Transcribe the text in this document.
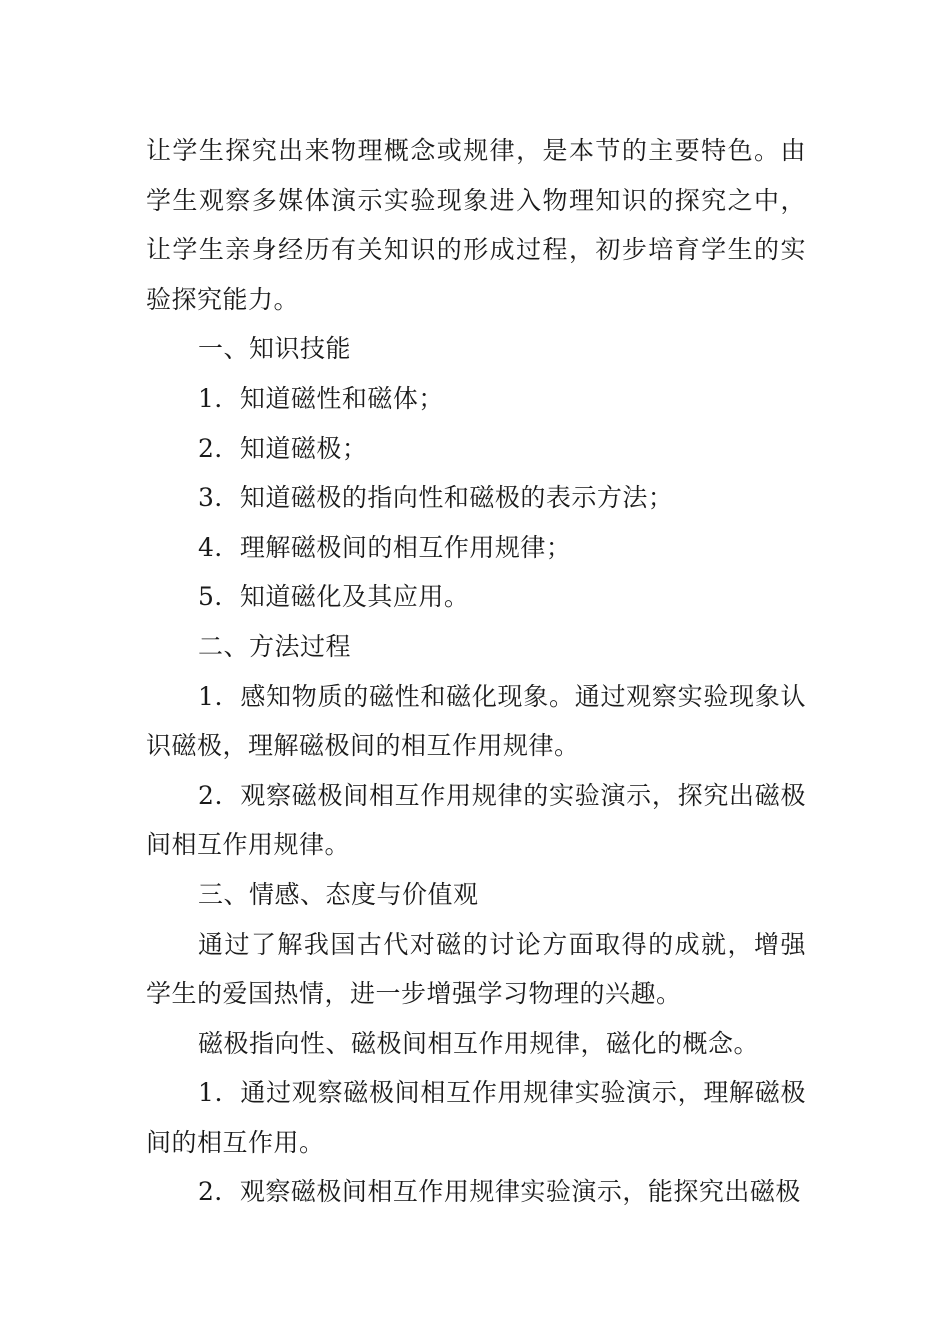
让学生探究出来物理概念或规律，是本节的主要特色。由学生观察多媒体演示实验现象进入物理知识的探究之中，让学生亲身经历有关知识的形成过程，初步培育学生的实验探究能力。

一、知识技能

1．知道磁性和磁体；

2．知道磁极；

3．知道磁极的指向性和磁极的表示方法；

4．理解磁极间的相互作用规律；

5．知道磁化及其应用。

二、方法过程

1．感知物质的磁性和磁化现象。通过观察实验现象认识磁极，理解磁极间的相互作用规律。

2．观察磁极间相互作用规律的实验演示，探究出磁极间相互作用规律。

三、情感、态度与价值观

通过了解我国古代对磁的讨论方面取得的成就，增强学生的爱国热情，进一步增强学习物理的兴趣。

磁极指向性、磁极间相互作用规律，磁化的概念。

1．通过观察磁极间相互作用规律实验演示，理解磁极间的相互作用。

2．观察磁极间相互作用规律实验演示，能探究出磁极
